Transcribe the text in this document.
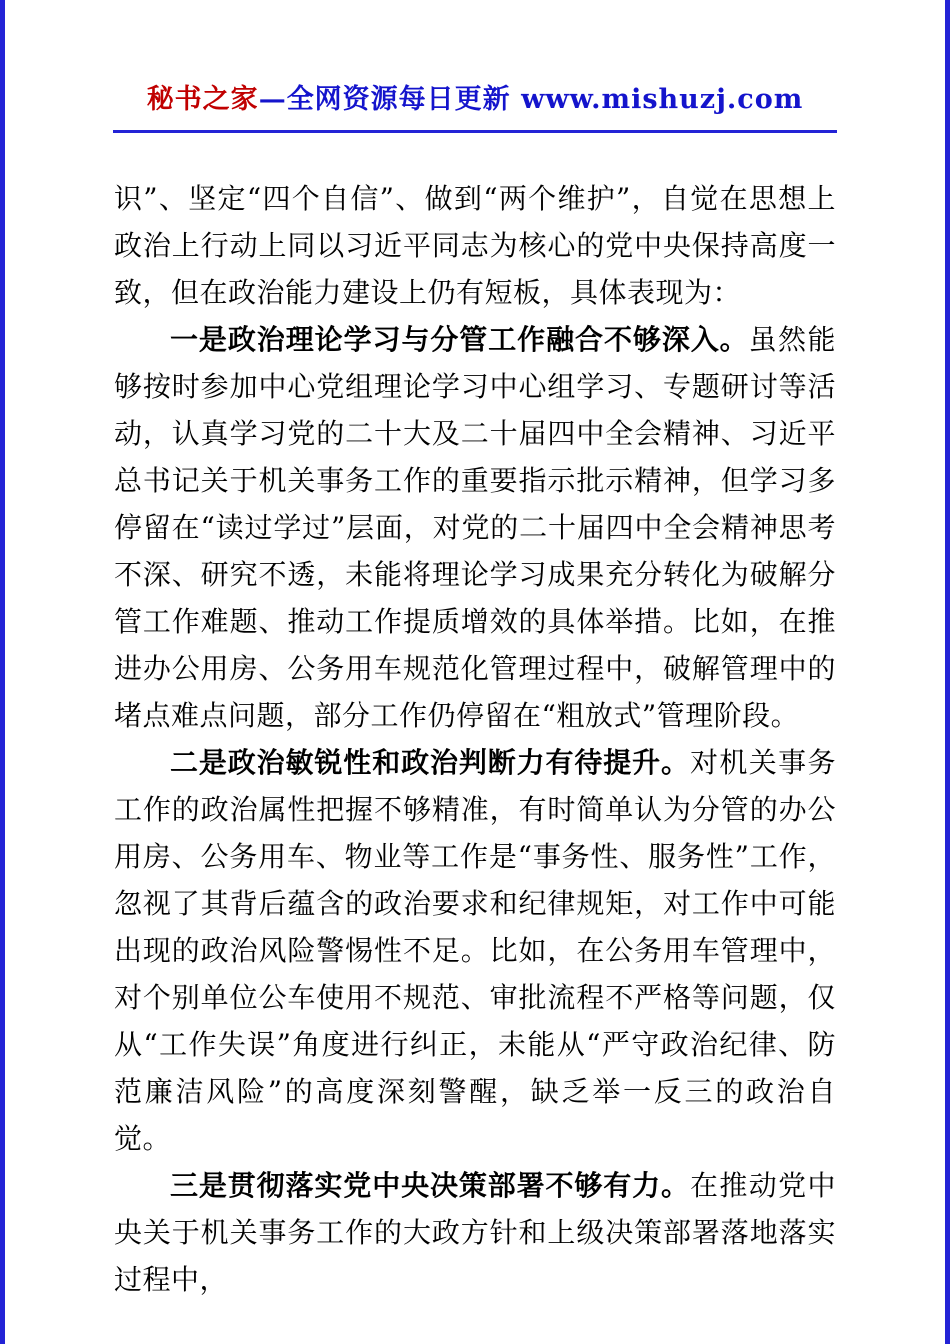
秘书之家—全网资源每日更新 www.mishuzj.com

识”、坚定“四个自信”、做到“两个维护”，自觉在思想上政治上行动上同以习近平同志为核心的党中央保持高度一致，但在政治能力建设上仍有短板，具体表现为：

一是政治理论学习与分管工作融合不够深入。虽然能够按时参加中心党组理论学习中心组学习、专题研讨等活动，认真学习党的二十大及二十届四中全会精神、习近平总书记关于机关事务工作的重要指示批示精神，但学习多停留在“读过学过”层面，对党的二十届四中全会精神思考不深、研究不透，未能将理论学习成果充分转化为破解分管工作难题、推动工作提质增效的具体举措。比如，在推进办公用房、公务用车规范化管理过程中，破解管理中的堵点难点问题，部分工作仍停留在“粗放式”管理阶段。

二是政治敏锐性和政治判断力有待提升。对机关事务工作的政治属性把握不够精准，有时简单认为分管的办公用房、公务用车、物业等工作是“事务性、服务性”工作，忽视了其背后蕴含的政治要求和纪律规矩，对工作中可能出现的政治风险警惕性不足。比如，在公务用车管理中，对个别单位公车使用不规范、审批流程不严格等问题，仅从“工作失误”角度进行纠正，未能从“严守政治纪律、防范廉洁风险”的高度深刻警醒，缺乏举一反三的政治自觉。

三是贯彻落实党中央决策部署不够有力。在推动党中央关于机关事务工作的大政方针和上级决策部署落地落实过程中，
